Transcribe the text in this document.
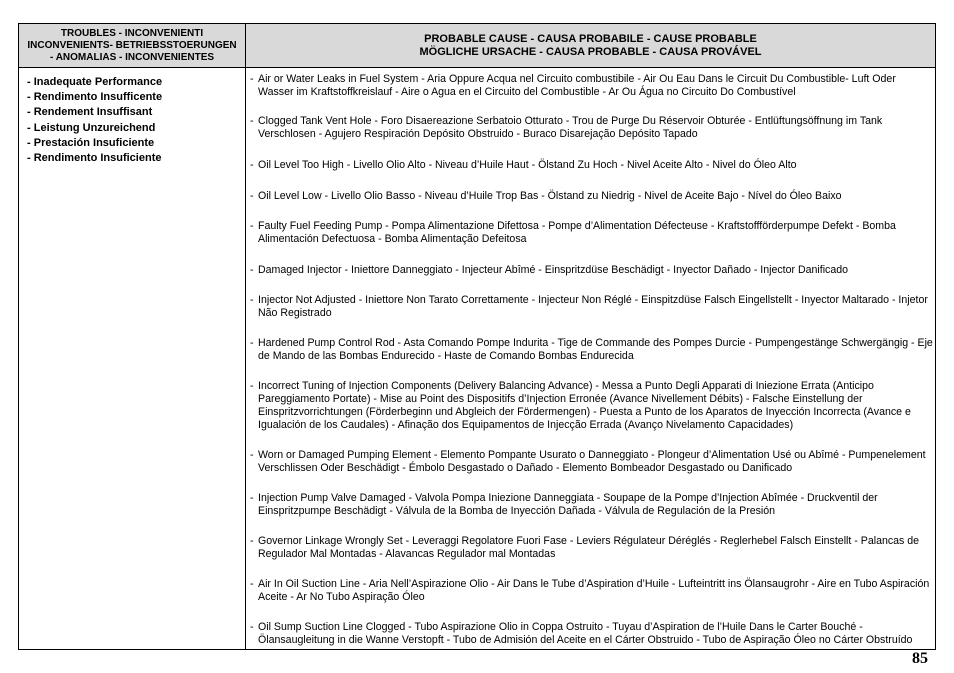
TROUBLES - INCONVENIENTI
INCONVENIENTS- BETRIEBSSTOERUNGEN
- ANOMALIAS - INCONVENIENTES
PROBABLE CAUSE - CAUSA PROBABILE - CAUSE PROBABLE
MÖGLICHE URSACHE - CAUSA PROBABLE - CAUSA PROVÁVEL
- Inadequate Performance
- Rendimento Insufficente
- Rendement Insuffisant
- Leistung Unzureichend
- Prestación Insuficiente
- Rendimento Insuficiente
- Air or Water Leaks in Fuel System - Aria Oppure Acqua nel Circuito combustibile - Air Ou Eau Dans le Circuit Du Combustible- Luft Oder Wasser im Kraftstoffkreislauf - Aire o Agua en el Circuito del Combustible - Ar Ou Água no Circuito Do Combustível
- Clogged Tank Vent Hole - Foro Disaereazione Serbatoio Otturato - Trou de Purge Du Réservoir Obturée - Entlüftungsöffnung im Tank Verschlosen - Agujero Respiración Depósito Obstruido - Buraco Disarejação Depósito Tapado
- Oil Level Too High - Livello Olio Alto - Niveau d’Huile Haut - Ölstand Zu Hoch - Nivel Aceite Alto - Nivel do Óleo Alto
- Oil Level Low - Livello Olio Basso - Niveau d’Huile Trop Bas - Ölstand zu Niedrig - Nivel de Aceite Bajo - Nível do Óleo Baixo
- Faulty Fuel Feeding Pump - Pompa Alimentazione Difettosa - Pompe d’Alimentation Défecteuse - Kraftstoffförderpumpe Defekt - Bomba Alimentación Defectuosa - Bomba Alimentação Defeitosa
- Damaged Injector - Iniettore Danneggiato - Injecteur Abîmé - Einspritzdüse Beschädigt - Inyector Dañado - Injector Danificado
- Injector Not Adjusted - Iniettore Non Tarato Correttamente - Injecteur Non Réglé - Einspitzdüse Falsch Eingellstellt - Inyector Maltarado - Injetor Não Registrado
- Hardened Pump Control Rod - Asta Comando Pompe Indurita - Tige de Commande des Pompes Durcie - Pumpengestänge Schwergängig - Eje de Mando de las Bombas Endurecido - Haste de Comando Bombas Endurecida
- Incorrect Tuning of Injection Components (Delivery Balancing Advance) - Messa a Punto Degli Apparati di Iniezione Errata (Anticipo Pareggiamento Portate) - Mise au Point des Dispositifs d’Injection Erronée (Avance Nivellement Débits) - Falsche Einstellung der Einspritzvorrichtungen (Förderbeginn und Abgleich der Fördermengen) - Puesta a Punto de los Aparatos de Inyección Incorrecta (Avance e Igualación de los Caudales) - Afinação dos Equipamentos de Injecção Errada (Avanço Nivelamento Capacidades)
- Worn or Damaged Pumping Element - Elemento Pompante Usurato o Danneggiato - Plongeur d’Alimentation Usé ou Abîmé - Pumpenelement Verschlissen Oder Beschädigt - Émbolo Desgastado o Dañado - Elemento Bombeador Desgastado ou Danificado
- Injection Pump Valve Damaged - Valvola Pompa Iniezione Danneggiata - Soupape de la Pompe d’Injection Abîmée - Druckventil der Einspritzpumpe Beschädigt - Válvula de la Bomba de Inyección Dañada - Válvula de Regulación de la Presión
- Governor Linkage Wrongly Set - Leveraggi Regolatore Fuori Fase - Leviers Régulateur Déréglés - Reglerhebel Falsch Einstellt - Palancas de Regulador Mal Montadas - Alavancas Regulador mal Montadas
- Air In Oil Suction Line - Aria Nell’Aspirazione Olio - Air Dans le Tube d’Aspiration d’Huile - Lufteintritt ins Ölansaugrohr - Aire en Tubo Aspiración Aceite - Ar No Tubo Aspiração Óleo
- Oil Sump Suction Line Clogged - Tubo Aspirazione Olio in Coppa Ostruito - Tuyau d’Aspiration de l’Huile Dans le Carter Bouché - Ölansaugleitung in die Wanne Verstopft - Tubo de Admisión del Aceite en el Cárter Obstruido - Tubo de Aspiração Óleo no Cárter Obstruído
85
